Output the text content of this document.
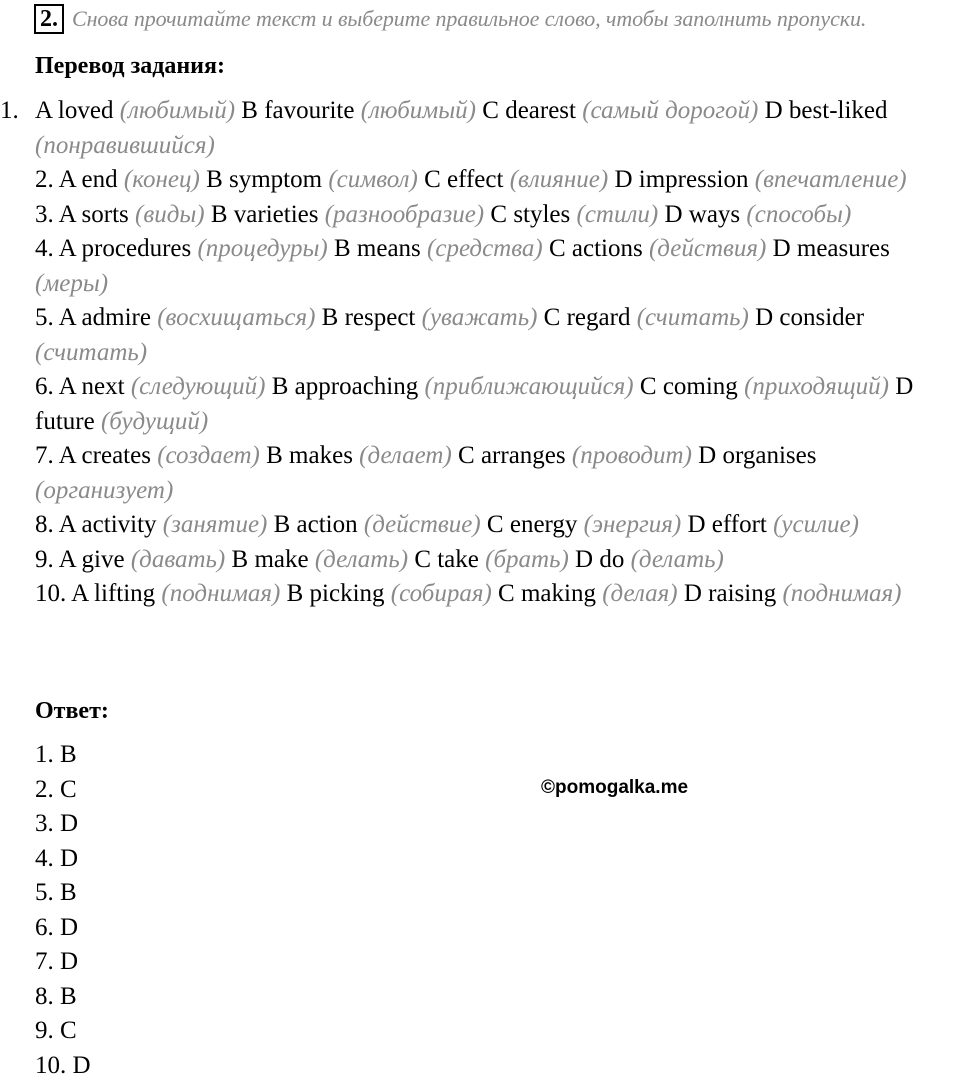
2. Снова прочитайте текст и выберите правильное слово, чтобы заполнить пропуски.
Перевод задания:
1. A loved (любимый) B favourite (любимый) C dearest (самый дорогой) D best-liked (понравившийся)
2. A end (конец) B symptom (символ) C effect (влияние) D impression (впечатление)
3. A sorts (виды) B varieties (разнообразие) C styles (стили) D ways (способы)
4. A procedures (процедуры) B means (средства) C actions (действия) D measures (меры)
5. A admire (восхищаться) B respect (уважать) C regard (считать) D consider (считать)
6. A next (следующий) B approaching (приближающийся) C coming (приходящий) D future (будущий)
7. A creates (создает) B makes (делает) C arranges (проводит) D organises (организует)
8. A activity (занятие) B action (действие) C energy (энергия) D effort (усилие)
9. A give (давать) B make (делать) C take (брать) D do (делать)
10. A lifting (поднимая) B picking (собирая) C making (делая) D raising (поднимая)
Ответ:
1. B
2. C
3. D
4. D
5. B
6. D
7. D
8. B
9. C
10. D
©pomogalka.me
